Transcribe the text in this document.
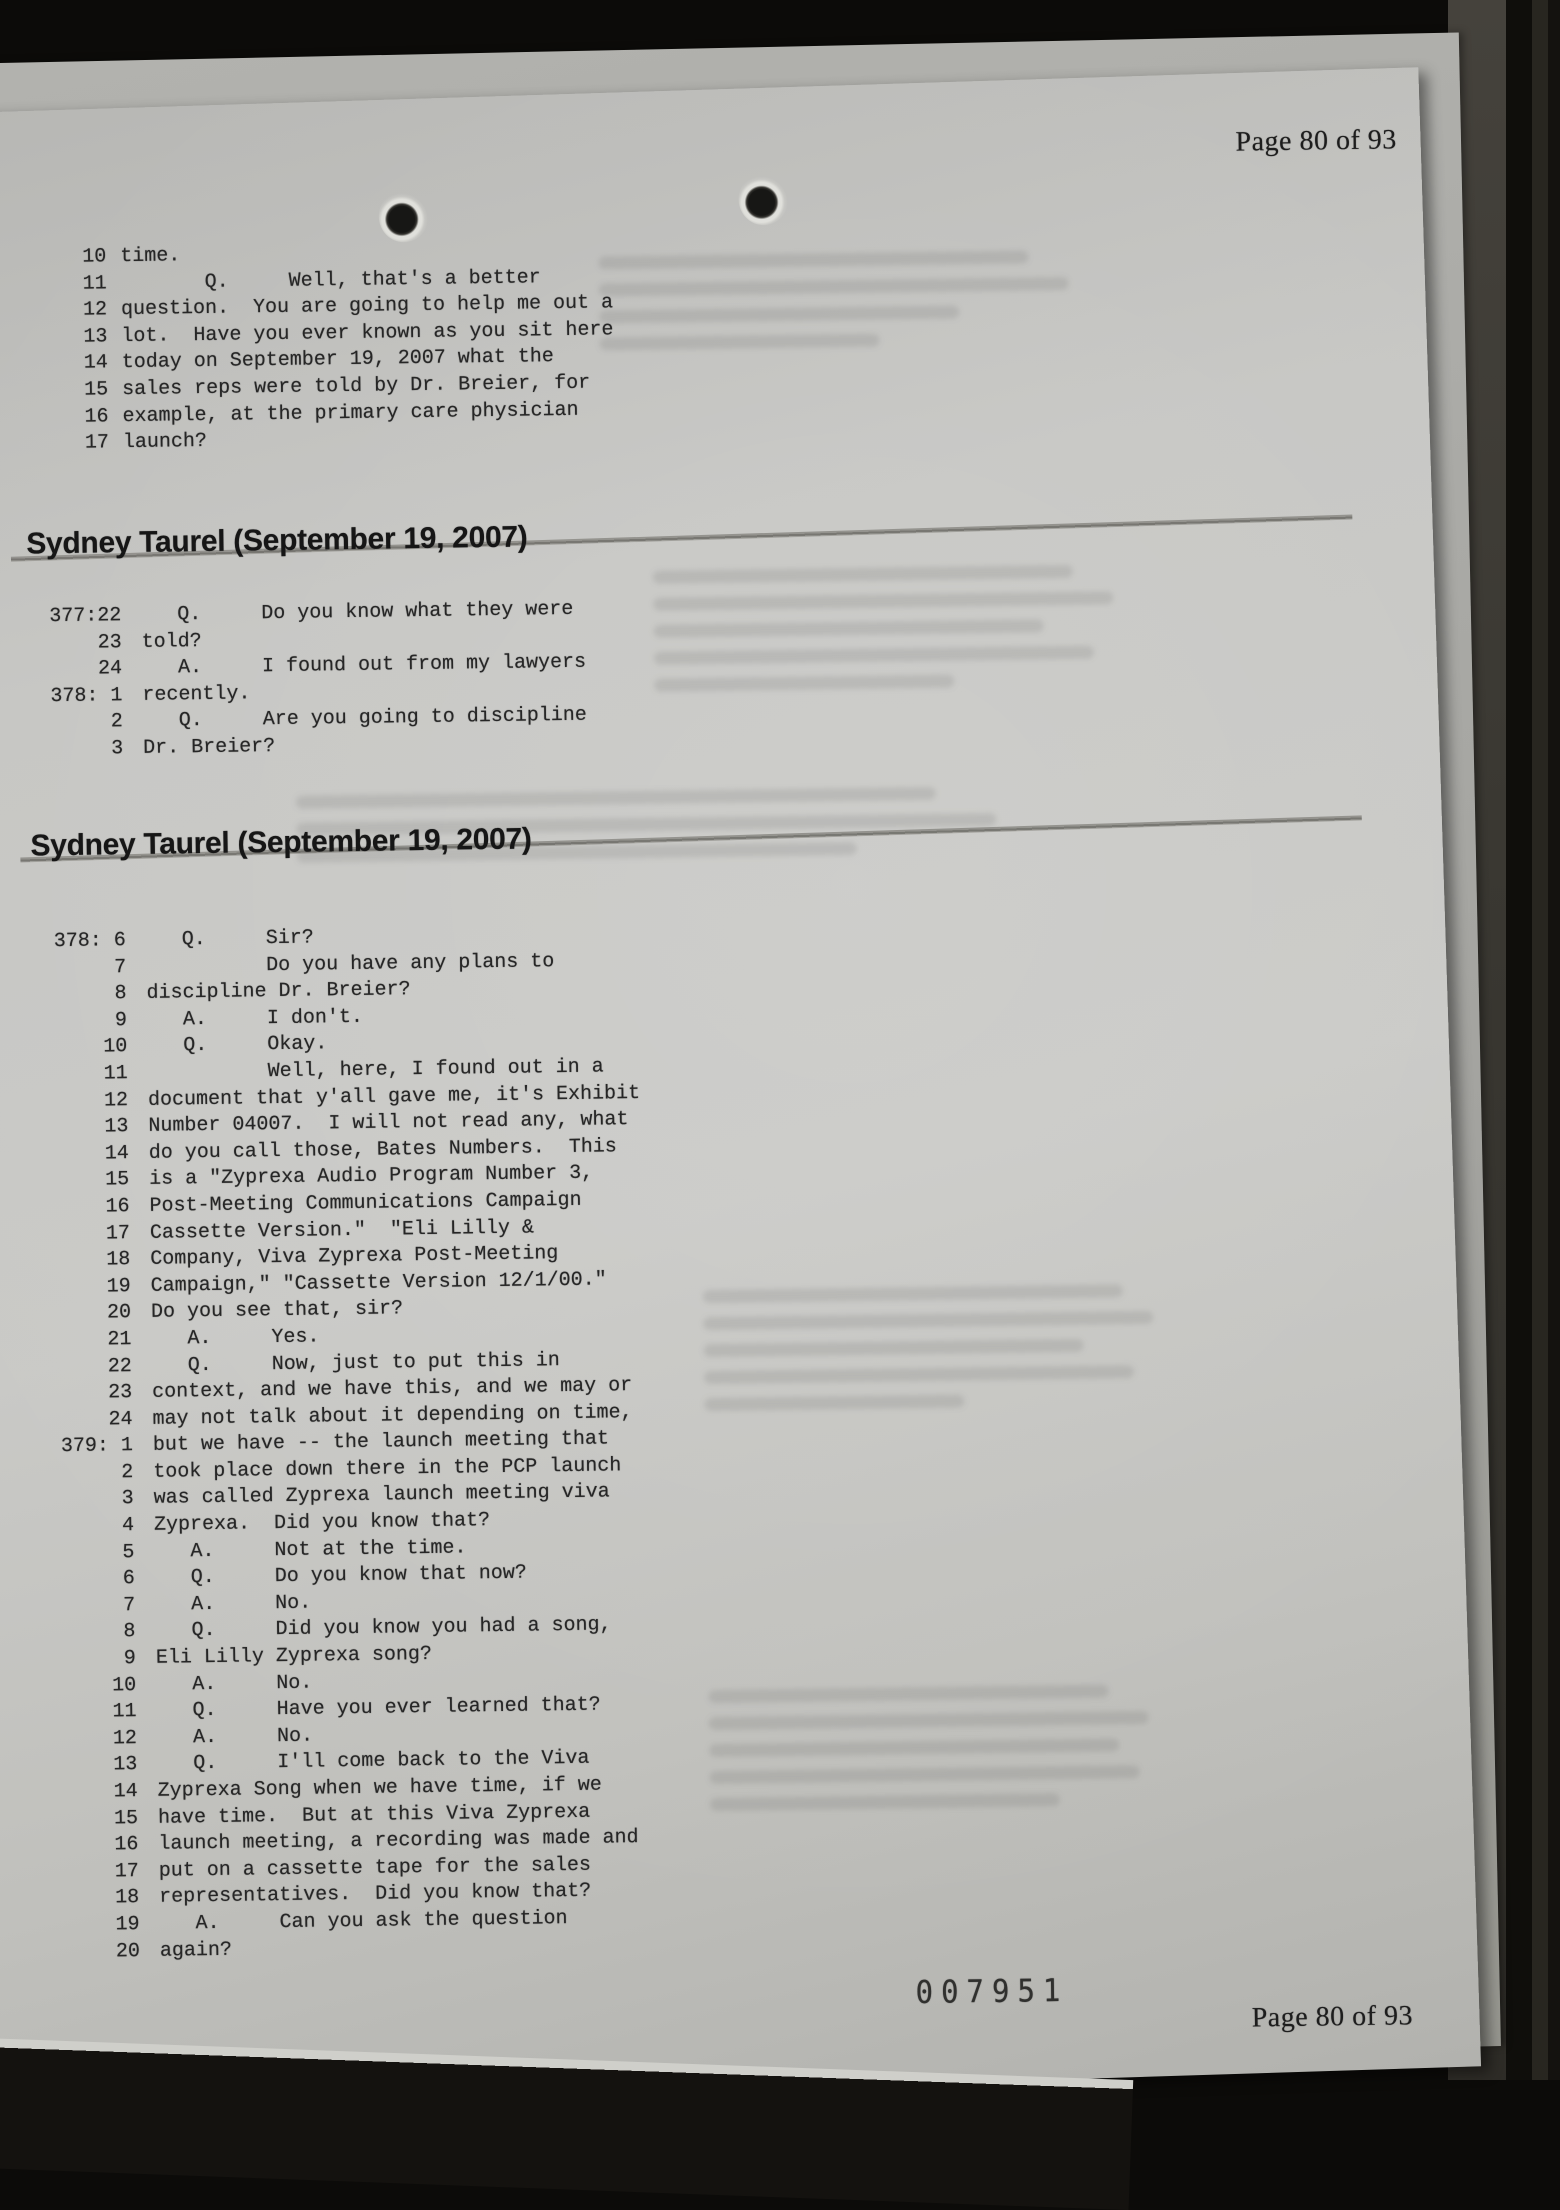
Page 80 of 93
10 time.
11 Q.     Well, that's a better
12 question.  You are going to help me out a
13 lot.  Have you ever known as you sit here
14 today on September 19, 2007 what the
15 sales reps were told by Dr. Breier, for
16 example, at the primary care physician
17 launch?
Sydney Taurel (September 19, 2007)
377:22 Q.     Do you know what they were
23 told?
24 A.     I found out from my lawyers
378: 1 recently.
2 Q.     Are you going to discipline
3 Dr. Breier?
Sydney Taurel (September 19, 2007)
378: 6 Q.     Sir?
7 Do you have any plans to
8 discipline Dr. Breier?
9 A.     I don't.
10 Q.     Okay.
11 Well, here, I found out in a
12 document that y'all gave me, it's Exhibit
13 Number 04007.  I will not read any, what
14 do you call those, Bates Numbers.  This
15 is a "Zyprexa Audio Program Number 3,
16 Post-Meeting Communications Campaign
17 Cassette Version."  "Eli Lilly &
18 Company, Viva Zyprexa Post-Meeting
19 Campaign," "Cassette Version 12/1/00."
20 Do you see that, sir?
21 A.     Yes.
22 Q.     Now, just to put this in
23 context, and we have this, and we may or
24 may not talk about it depending on time,
379: 1 but we have -- the launch meeting that
2 took place down there in the PCP launch
3 was called Zyprexa launch meeting viva
4 Zyprexa.  Did you know that?
5 A.     Not at the time.
6 Q.     Do you know that now?
7 A.     No.
8 Q.     Did you know you had a song,
9 Eli Lilly Zyprexa song?
10 A.     No.
11 Q.     Have you ever learned that?
12 A.     No.
13 Q.     I'll come back to the Viva
14 Zyprexa Song when we have time, if we
15 have time.  But at this Viva Zyprexa
16 launch meeting, a recording was made and
17 put on a cassette tape for the sales
18 representatives.  Did you know that?
19 A.     Can you ask the question
20 again?
007951
Page 80 of 93
